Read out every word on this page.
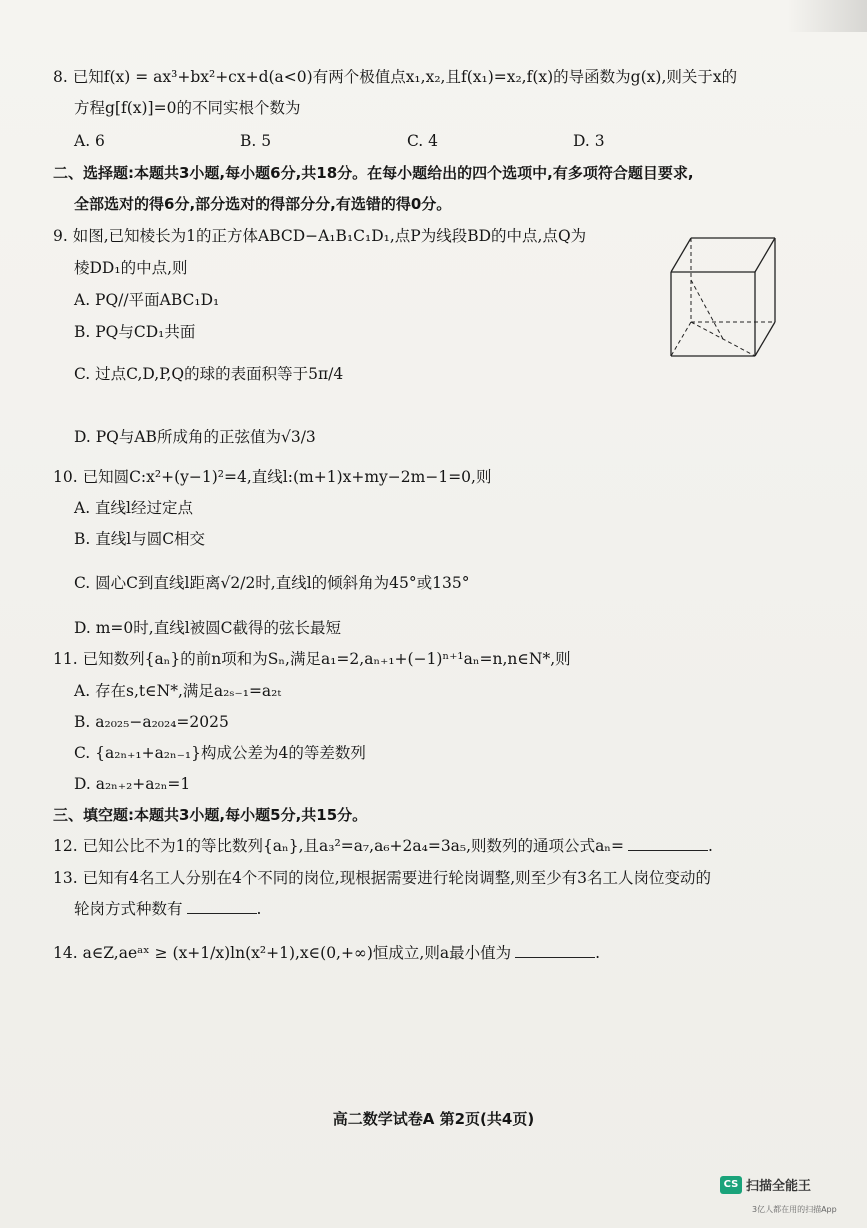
8. 已知f(x) = ax³+bx²+cx+d(a<0)有两个极值点x₁,x₂,且f(x₁)=x₂,f(x)的导函数为g(x),则关于x的
方程g[f(x)]=0的不同实根个数为
A. 6	B. 5	C. 4	D. 3
二、选择题:本题共3小题,每小题6分,共18分。在每小题给出的四个选项中,有多项符合题目要求,
全部选对的得6分,部分选对的得部分分,有选错的得0分。
9. 如图,已知棱长为1的正方体ABCD−A₁B₁C₁D₁,点P为线段BD的中点,点Q为
棱DD₁的中点,则
A. PQ//平面ABC₁D₁
B. PQ与CD₁共面
C. 过点C,D,P,Q的球的表面积等于5π/4
D. PQ与AB所成角的正弦值为√3/3
10. 已知圆C:x²+(y−1)²=4,直线l:(m+1)x+my−2m−1=0,则
A. 直线l经过定点
B. 直线l与圆C相交
C. 圆心C到直线l距离√2/2时,直线l的倾斜角为45°或135°
D. m=0时,直线l被圆C截得的弦长最短
11. 已知数列{aₙ}的前n项和为Sₙ,满足a₁=2,aₙ₊₁+(−1)ⁿ⁺¹aₙ=n,n∈N*,则
A. 存在s,t∈N*,满足a₂ₛ₋₁=a₂ₜ
B. a₂₀₂₅−a₂₀₂₄=2025
C. {a₂ₙ₊₁+a₂ₙ₋₁}构成公差为4的等差数列
D. a₂ₙ₊₂+a₂ₙ=1
三、填空题:本题共3小题,每小题5分,共15分。
12. 已知公比不为1的等比数列{aₙ},且a₃²=a₇,a₆+2a₄=3a₅,则数列的通项公式aₙ=	.
13. 已知有4名工人分别在4个不同的岗位,现根据需要进行轮岗调整,则至少有3名工人岗位变动的
轮岗方式种数有	.
14. a∈Z,aeᵃˣ ≥ (x+1/x)ln(x²+1),x∈(0,+∞)恒成立,则a最小值为	.
高二数学试卷A 第2页(共4页)
CS 扫描全能王
3亿人都在用的扫描App
